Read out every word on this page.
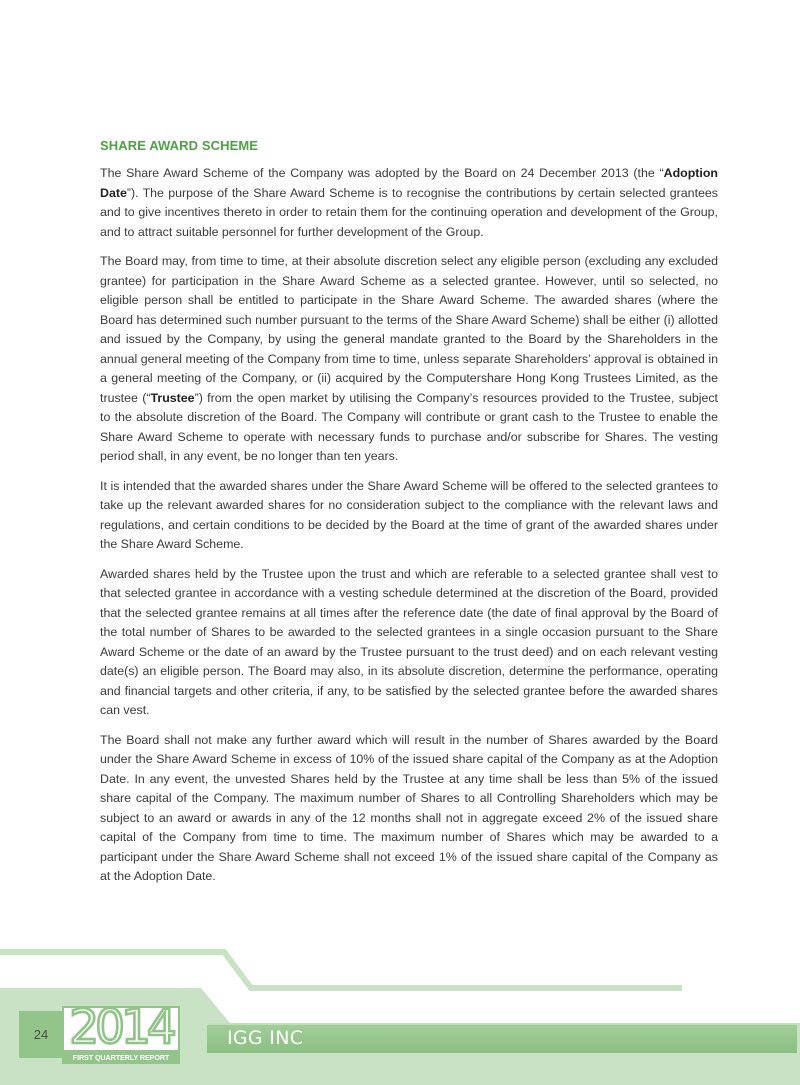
SHARE AWARD SCHEME

The Share Award Scheme of the Company was adopted by the Board on 24 December 2013 (the “Adoption Date”). The purpose of the Share Award Scheme is to recognise the contributions by certain selected grantees and to give incentives thereto in order to retain them for the continuing operation and development of the Group, and to attract suitable personnel for further development of the Group.

The Board may, from time to time, at their absolute discretion select any eligible person (excluding any excluded grantee) for participation in the Share Award Scheme as a selected grantee. However, until so selected, no eligible person shall be entitled to participate in the Share Award Scheme. The awarded shares (where the Board has determined such number pursuant to the terms of the Share Award Scheme) shall be either (i) allotted and issued by the Company, by using the general mandate granted to the Board by the Shareholders in the annual general meeting of the Company from time to time, unless separate Shareholders’ approval is obtained in a general meeting of the Company, or (ii) acquired by the Computershare Hong Kong Trustees Limited, as the trustee (“Trustee”) from the open market by utilising the Company’s resources provided to the Trustee, subject to the absolute discretion of the Board. The Company will contribute or grant cash to the Trustee to enable the Share Award Scheme to operate with necessary funds to purchase and/or subscribe for Shares. The vesting period shall, in any event, be no longer than ten years.

It is intended that the awarded shares under the Share Award Scheme will be offered to the selected grantees to take up the relevant awarded shares for no consideration subject to the compliance with the relevant laws and regulations, and certain conditions to be decided by the Board at the time of grant of the awarded shares under the Share Award Scheme.

Awarded shares held by the Trustee upon the trust and which are referable to a selected grantee shall vest to that selected grantee in accordance with a vesting schedule determined at the discretion of the Board, provided that the selected grantee remains at all times after the reference date (the date of final approval by the Board of the total number of Shares to be awarded to the selected grantees in a single occasion pursuant to the Share Award Scheme or the date of an award by the Trustee pursuant to the trust deed) and on each relevant vesting date(s) an eligible person. The Board may also, in its absolute discretion, determine the performance, operating and financial targets and other criteria, if any, to be satisfied by the selected grantee before the awarded shares can vest.

The Board shall not make any further award which will result in the number of Shares awarded by the Board under the Share Award Scheme in excess of 10% of the issued share capital of the Company as at the Adoption Date. In any event, the unvested Shares held by the Trustee at any time shall be less than 5% of the issued share capital of the Company. The maximum number of Shares to all Controlling Shareholders which may be subject to an award or awards in any of the 12 months shall not in aggregate exceed 2% of the issued share capital of the Company from time to time. The maximum number of Shares which may be awarded to a participant under the Share Award Scheme shall not exceed 1% of the issued share capital of the Company as at the Adoption Date.

24 2014
FIRST QUARTERLY REPORT
IGG INC
